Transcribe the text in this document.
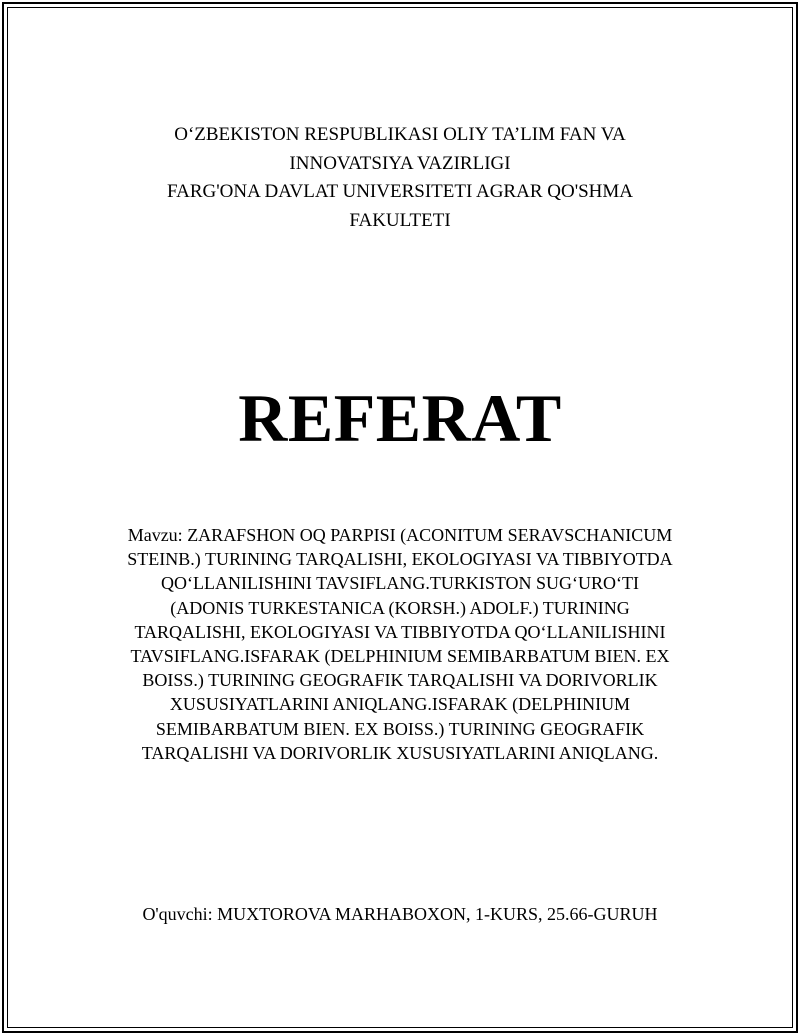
O‘ZBEKISTON RESPUBLIKASI OLIY TA’LIM FAN VA
INNOVATSIYA VAZIRLIGI
FARG'ONA DAVLAT UNIVERSITETI AGRAR QO'SHMA
FAKULTETI
REFERAT
Mavzu: ZARAFSHON OQ PARPISI (ACONITUM SERAVSCHANICUM
STEINB.) TURINING TARQALISHI, EKOLOGIYASI VA TIBBIYOTDA
QO‘LLANILISHINI TAVSIFLANG.TURKISTON SUG‘URO‘TI
(ADONIS TURKESTANICA (KORSH.) ADOLF.) TURINING
TARQALISHI, EKOLOGIYASI VA TIBBIYOTDA QO‘LLANILISHINI
TAVSIFLANG.ISFARAK (DELPHINIUM SEMIBARBATUM BIEN. EX
BOISS.) TURINING GEOGRAFIK TARQALISHI VA DORIVORLIK
XUSUSIYATLARINI ANIQLANG.ISFARAK (DELPHINIUM
SEMIBARBATUM BIEN. EX BOISS.) TURINING GEOGRAFIK
TARQALISHI VA DORIVORLIK XUSUSIYATLARINI ANIQLANG.
O'quvchi: MUXTOROVA MARHABOXON, 1-KURS, 25.66-GURUH
